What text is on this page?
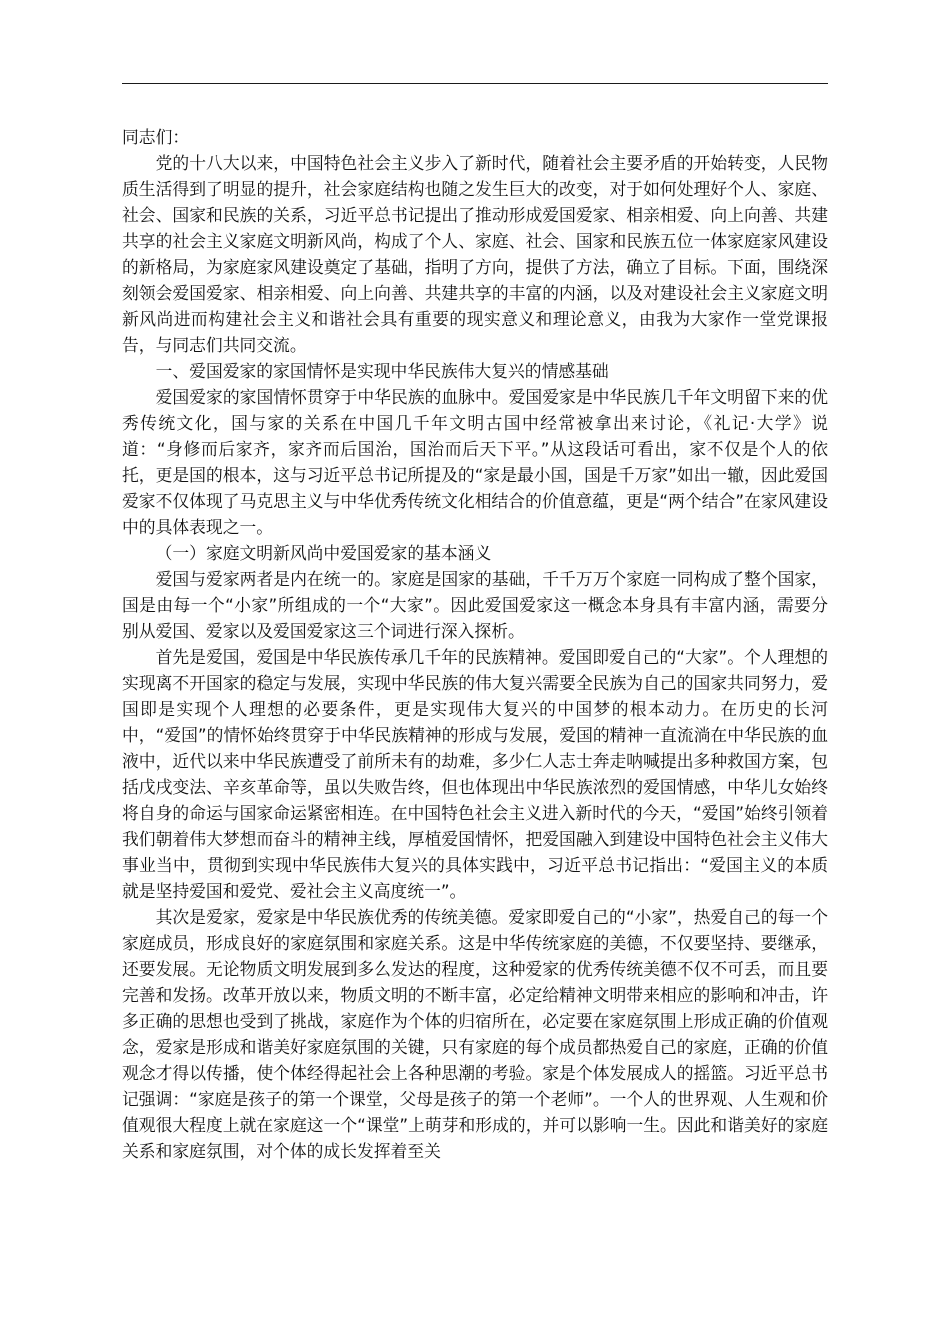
同志们：

党的十八大以来，中国特色社会主义步入了新时代，随着社会主要矛盾的开始转变，人民物质生活得到了明显的提升，社会家庭结构也随之发生巨大的改变，对于如何处理好个人、家庭、社会、国家和民族的关系，习近平总书记提出了推动形成爱国爱家、相亲相爱、向上向善、共建共享的社会主义家庭文明新风尚，构成了个人、家庭、社会、国家和民族五位一体家庭家风建设的新格局，为家庭家风建设奠定了基础，指明了方向，提供了方法，确立了目标。下面，围绕深刻领会爱国爱家、相亲相爱、向上向善、共建共享的丰富的内涵，以及对建设社会主义家庭文明新风尚进而构建社会主义和谐社会具有重要的现实意义和理论意义，由我为大家作一堂党课报告，与同志们共同交流。

一、爱国爱家的家国情怀是实现中华民族伟大复兴的情感基础

爱国爱家的家国情怀贯穿于中华民族的血脉中。爱国爱家是中华民族几千年文明留下来的优秀传统文化，国与家的关系在中国几千年文明古国中经常被拿出来讨论，《礼记·大学》说道：“身修而后家齐，家齐而后国治，国治而后天下平。”从这段话可看出，家不仅是个人的依托，更是国的根本，这与习近平总书记所提及的“家是最小国，国是千万家”如出一辙，因此爱国爱家不仅体现了马克思主义与中华优秀传统文化相结合的价值意蕴，更是“两个结合”在家风建设中的具体表现之一。

（一）家庭文明新风尚中爱国爱家的基本涵义

爱国与爱家两者是内在统一的。家庭是国家的基础，千千万万个家庭一同构成了整个国家，国是由每一个“小家”所组成的一个“大家”。因此爱国爱家这一概念本身具有丰富内涵，需要分别从爱国、爱家以及爱国爱家这三个词进行深入探析。

首先是爱国，爱国是中华民族传承几千年的民族精神。爱国即爱自己的“大家”。个人理想的实现离不开国家的稳定与发展，实现中华民族的伟大复兴需要全民族为自己的国家共同努力，爱国即是实现个人理想的必要条件，更是实现伟大复兴的中国梦的根本动力。在历史的长河中，“爱国”的情怀始终贯穿于中华民族精神的形成与发展，爱国的精神一直流淌在中华民族的血液中，近代以来中华民族遭受了前所未有的劫难，多少仁人志士奔走呐喊提出多种救国方案，包括戊戌变法、辛亥革命等，虽以失败告终，但也体现出中华民族浓烈的爱国情感，中华儿女始终将自身的命运与国家命运紧密相连。在中国特色社会主义进入新时代的今天，“爱国”始终引领着我们朝着伟大梦想而奋斗的精神主线，厚植爱国情怀，把爱国融入到建设中国特色社会主义伟大事业当中，贯彻到实现中华民族伟大复兴的具体实践中，习近平总书记指出：“爱国主义的本质就是坚持爱国和爱党、爱社会主义高度统一”。

其次是爱家，爱家是中华民族优秀的传统美德。爱家即爱自己的“小家”，热爱自己的每一个家庭成员，形成良好的家庭氛围和家庭关系。这是中华传统家庭的美德，不仅要坚持、要继承，还要发展。无论物质文明发展到多么发达的程度，这种爱家的优秀传统美德不仅不可丢，而且要完善和发扬。改革开放以来，物质文明的不断丰富，必定给精神文明带来相应的影响和冲击，许多正确的思想也受到了挑战，家庭作为个体的归宿所在，必定要在家庭氛围上形成正确的价值观念，爱家是形成和谐美好家庭氛围的关键，只有家庭的每个成员都热爱自己的家庭，正确的价值观念才得以传播，使个体经得起社会上各种思潮的考验。家是个体发展成人的摇篮。习近平总书记强调：“家庭是孩子的第一个课堂，父母是孩子的第一个老师”。一个人的世界观、人生观和价值观很大程度上就在家庭这一个“课堂”上萌芽和形成的，并可以影响一生。因此和谐美好的家庭关系和家庭氛围，对个体的成长发挥着至关
